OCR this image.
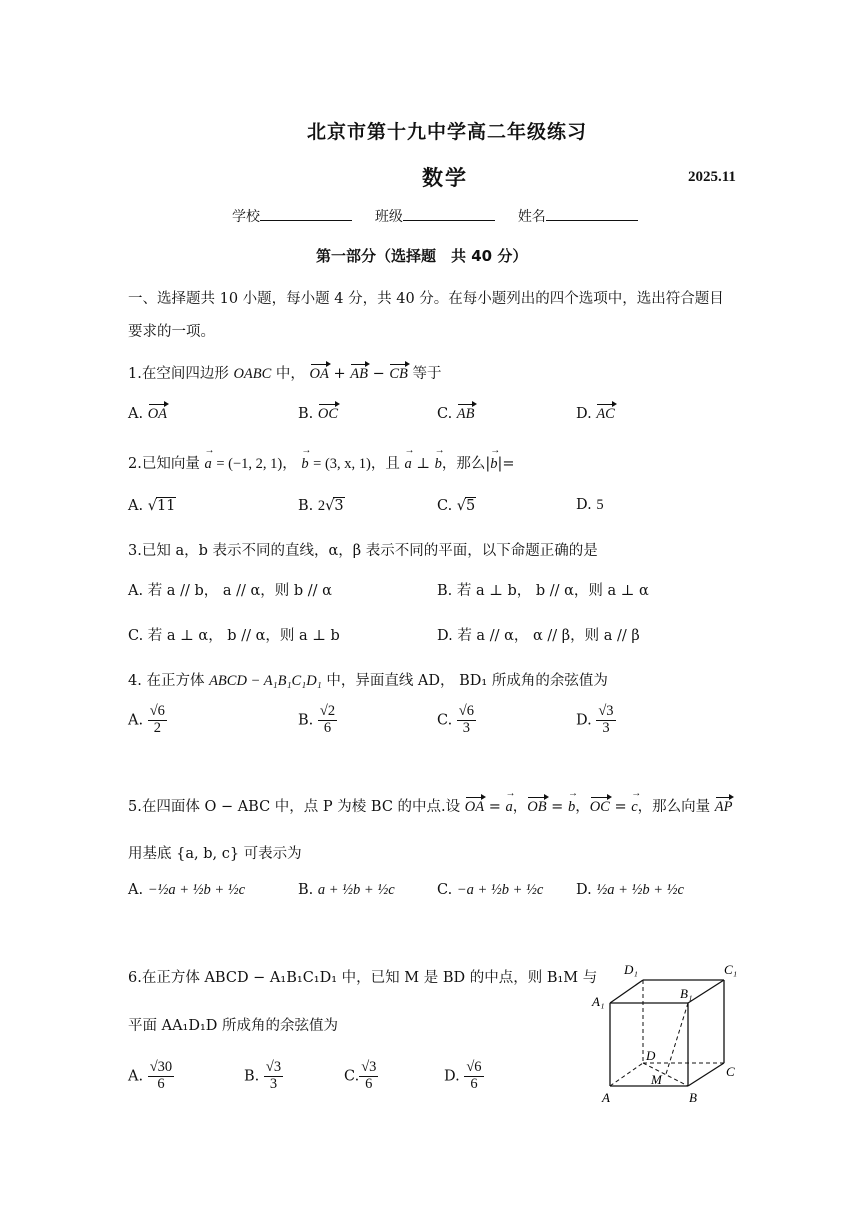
北京市第十九中学高二年级练习
数学	2025.11
学校	班级	姓名
第一部分（选择题　共 40 分）
一、选择题共 10 小题，每小题 4 分，共 40 分。在每小题列出的四个选项中，选出符合题目
要求的一项。
1.在空间四边形 OABC 中， OA + AB − CB 等于
A. OA	B. OC	C. AB	D. AC
2.已知向量 → a = (−1, 2, 1)， → b = (3, x, 1)，且 → a ⊥ → b，那么|→ b|=
A. √11	B. 2√3	C. √5	D. 5
3.已知 a，b 表示不同的直线，α，β 表示不同的平面，以下命题正确的是
A. 若 a // b， a // α，则 b // α	B. 若 a ⊥ b， b // α，则 a ⊥ α
C. 若 a ⊥ α， b // α，则 a ⊥ b	D. 若 a // α， α // β，则 a // β
4. 在正方体 ABCD − A₁B₁C₁D₁ 中，异面直线 AD， BD₁ 所成角的余弦值为
A. $\frac{√6}{2}$	B. $\frac{√2}{6}$	C. $\frac{√6}{3}$	D. $\frac{√3}{3}$
5.在四面体 O − ABC 中，点 P 为棱 BC 的中点.设 OA = → a，OB = → b，OC = → c，那么向量 AP
用基底 {a, b, c} 可表示为
A. −½a + ½b + ½c	B. a + ½b + ½c	C. −a + ½b + ½c D. ½a + ½b + ½c
6.在正方体 ABCD − A₁B₁C₁D₁ 中，已知 M 是 BD 的中点，则 B₁M 与
平面 AA₁D₁D 所成角的余弦值为
A. $\frac{√30}{6}$	B. $\frac{√3}{3}$	C. $\frac{√3}{6}$	D. $\frac{√6}{6}$
D₁	C₁
A₁
B₁
D
C
M
A	B
